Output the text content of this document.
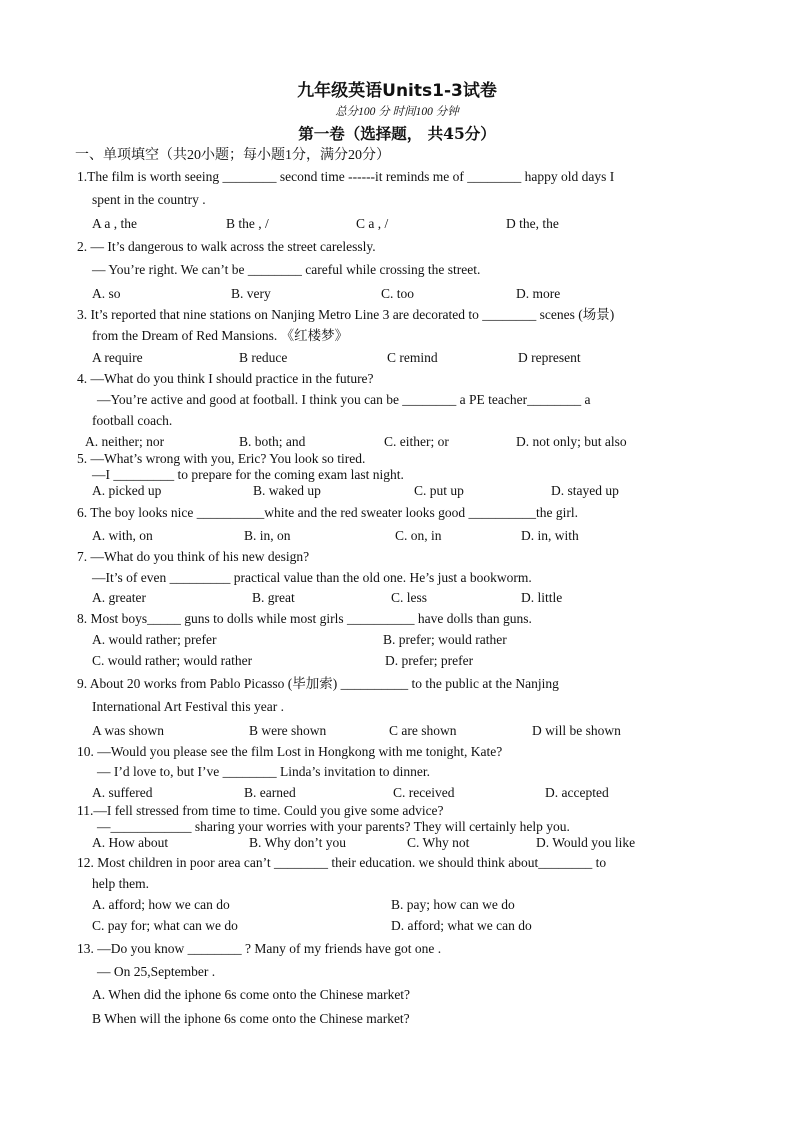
九年级英语Units1-3试卷
总分100 分 时间100 分钟
第一卷（选择题， 共45分）
一、单项填空（共20小题；每小题1分，满分20分）
1.The film is worth seeing ________ second time ------it reminds me of ________ happy old days I
spent in the country .
A a , the	B the , /	C a , /	D the, the
2. — It’s dangerous to walk across the street carelessly.
— You’re right. We can’t be ________ careful while crossing the street.
A. so	B. very	C. too	D. more
3. It’s reported that nine stations on Nanjing Metro Line 3 are decorated to ________ scenes (场景)
from the Dream of Red Mansions. 《红楼梦》
A require	B reduce	C remind	D represent
4. —What do you think I should practice in the future?
—You’re active and good at football. I think you can be ________ a PE teacher________ a
football coach.
A. neither; nor	B. both; and	C. either; or	D. not only; but also
5. —What’s wrong with you, Eric? You look so tired.
—I _________ to prepare for the coming exam last night.
A. picked up	B. waked up	C. put up	D. stayed up
6. The boy looks nice __________white and the red sweater looks good __________the girl.
A. with, on	B. in, on	C. on, in	D. in, with
7. —What do you think of his new design?
—It’s of even _________ practical value than the old one. He’s just a bookworm.
A. greater	B. great	C. less	D. little
8. Most boys_____ guns to dolls while most girls __________ have dolls than guns.
A. would rather; prefer	B. prefer; would rather
C. would rather; would rather	D. prefer; prefer
9. About 20 works from Pablo Picasso (毕加索) __________ to the public at the Nanjing
International Art Festival this year .
A was shown	B were shown	C are shown	D will be shown
10. —Would you please see the film Lost in Hongkong with me tonight, Kate?
— I’d love to, but I’ve ________ Linda’s invitation to dinner.
A. suffered	B. earned	C. received	D. accepted
11.—I fell stressed from time to time. Could you give some advice?
—____________ sharing your worries with your parents? They will certainly help you.
A. How about	B. Why don’t you	C. Why not	D. Would you like
12. Most children in poor area can’t ________ their education. we should think about________ to
help them.
A. afford; how we can do	B. pay; how can we do
C. pay for; what can we do	D. afford; what we can do
13. —Do you know ________ ? Many of my friends have got one .
— On 25,September .
A. When did the iphone 6s come onto the Chinese market?
B When will the iphone 6s come onto the Chinese market?
